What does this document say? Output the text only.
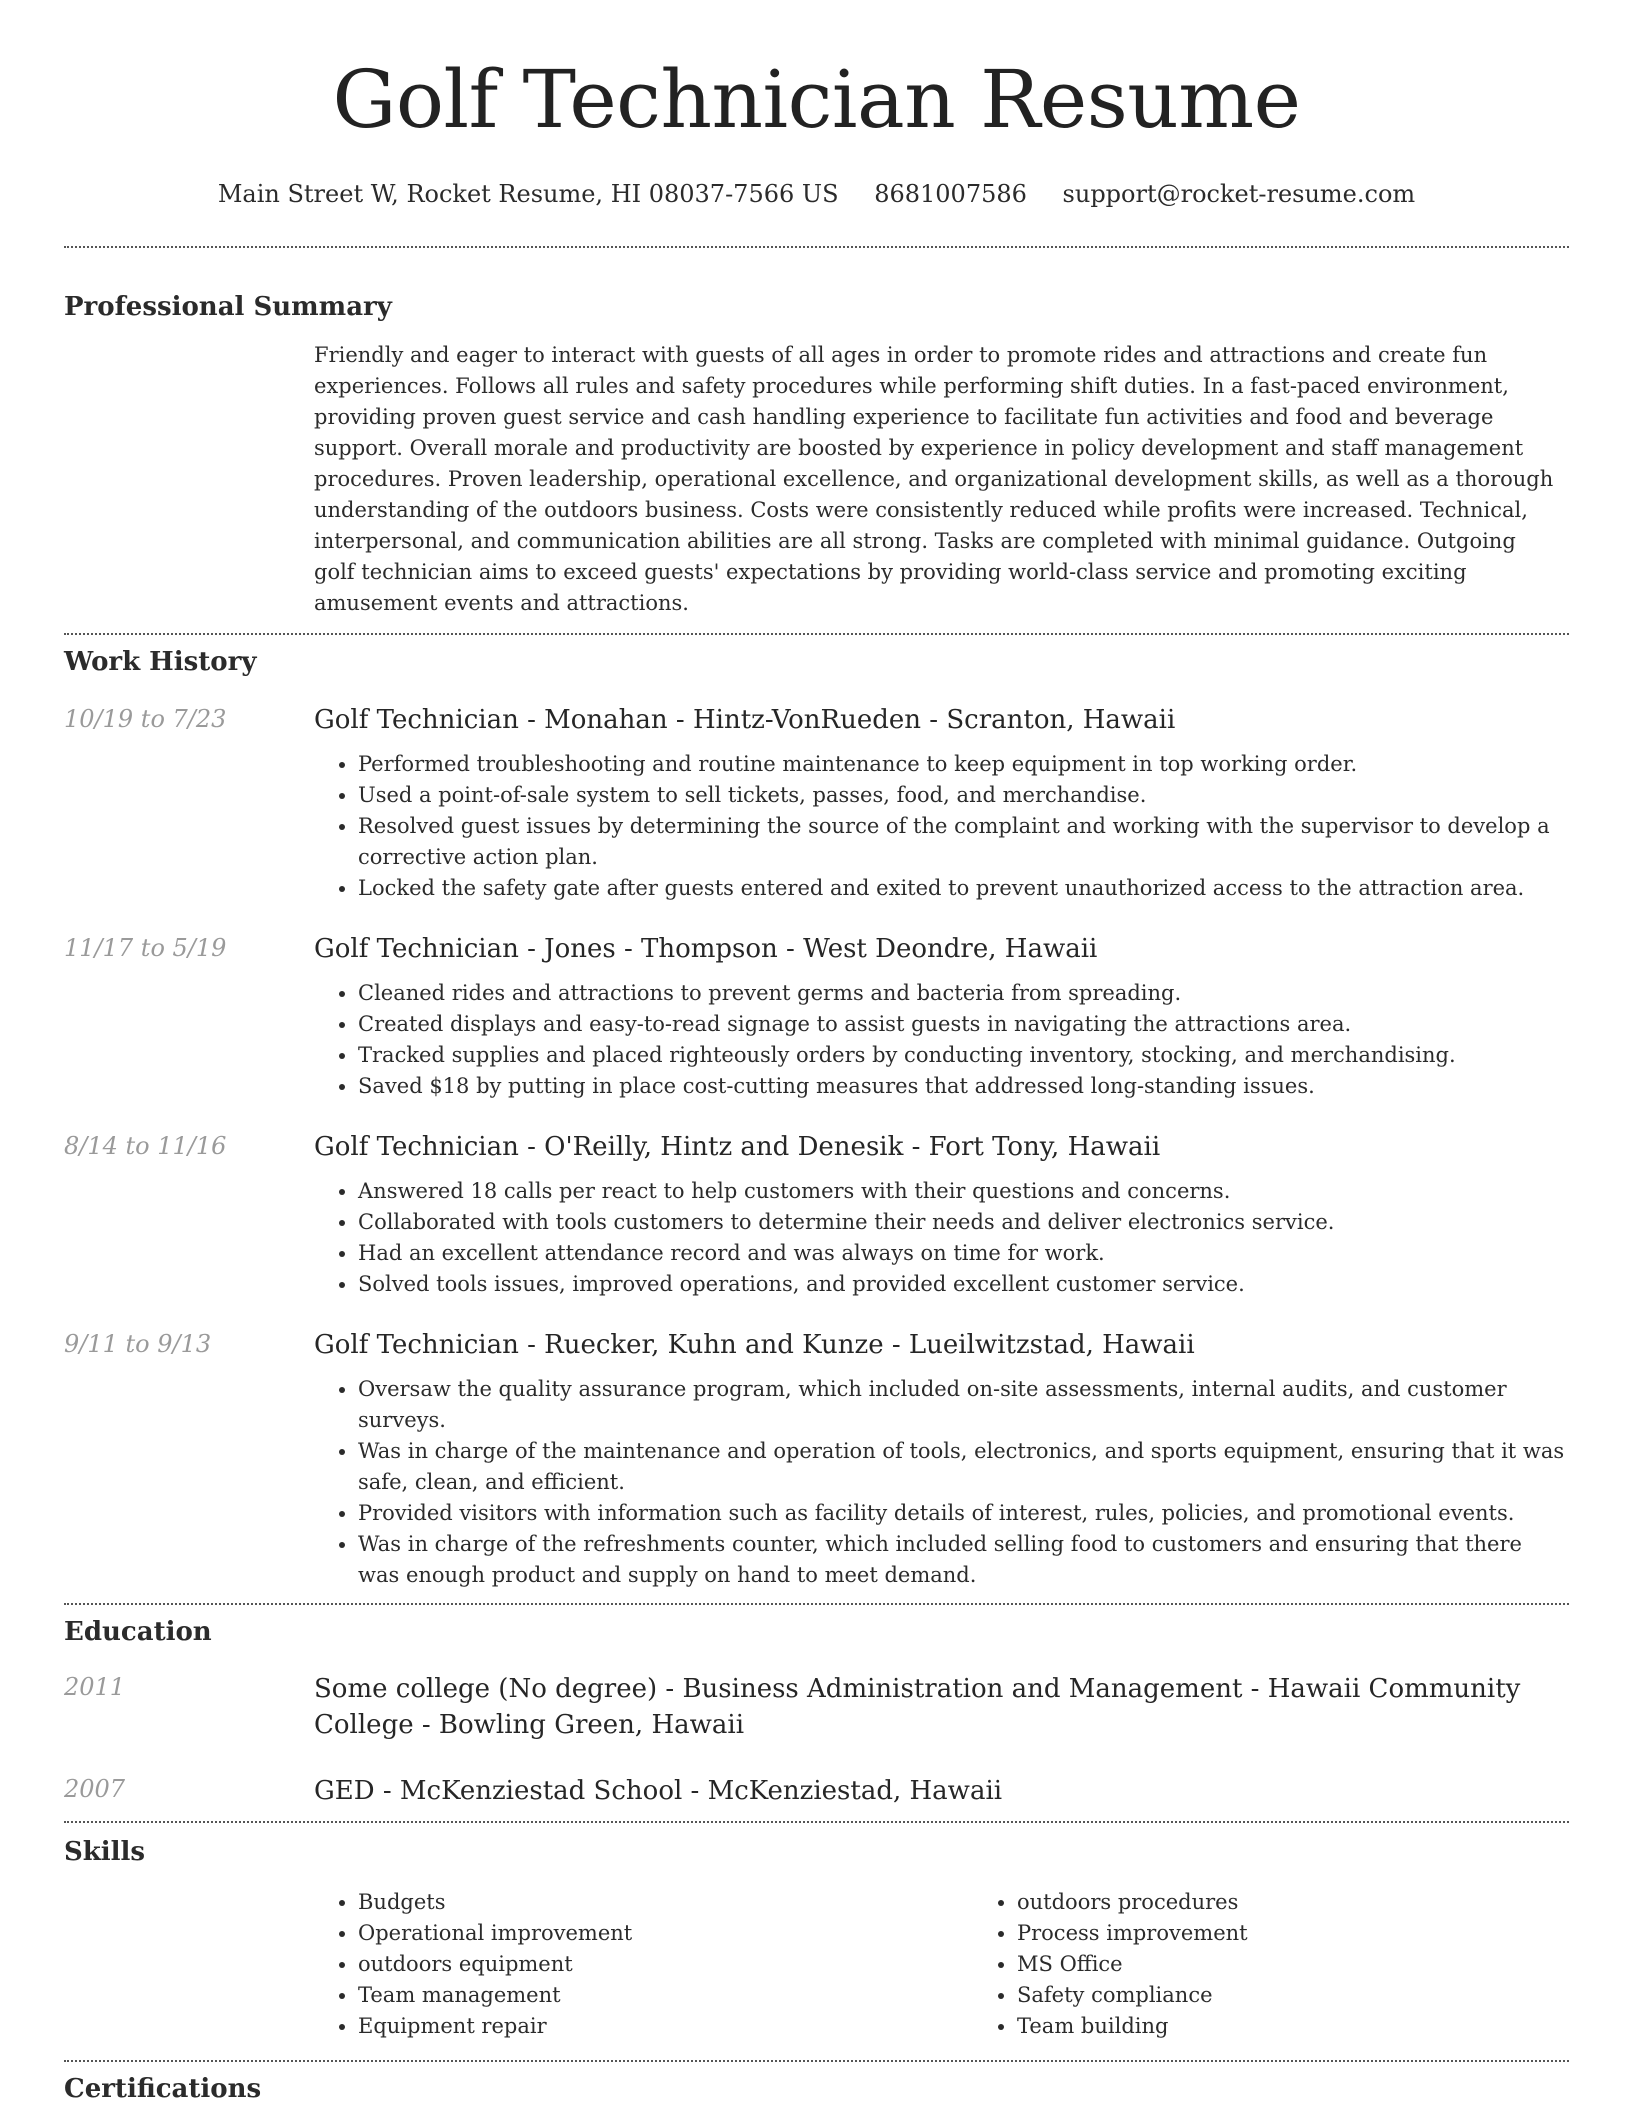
Golf Technician Resume
Main Street W, Rocket Resume, HI 08037-7566 US 8681007586 support@rocket-resume.com
Professional Summary

Friendly and eager to interact with guests of all ages in order to promote rides and attractions and create fun experiences. Follows all rules and safety procedures while performing shift duties. In a fast-paced environment, providing proven guest service and cash handling experience to facilitate fun activities and food and beverage support. Overall morale and productivity are boosted by experience in policy development and staff management procedures. Proven leadership, operational excellence, and organizational development skills, as well as a thorough understanding of the outdoors business. Costs were consistently reduced while profits were increased. Technical, interpersonal, and communication abilities are all strong. Tasks are completed with minimal guidance. Outgoing golf technician aims to exceed guests' expectations by providing world-class service and promoting exciting amusement events and attractions.

Work History
10/19 to 7/23	Golf Technician - Monahan - Hintz-VonRueden - Scranton, Hawaii
• Performed troubleshooting and routine maintenance to keep equipment in top working order.
• Used a point-of-sale system to sell tickets, passes, food, and merchandise.
• Resolved guest issues by determining the source of the complaint and working with the supervisor to develop a corrective action plan.
• Locked the safety gate after guests entered and exited to prevent unauthorized access to the attraction area.
11/17 to 5/19	Golf Technician - Jones - Thompson - West Deondre, Hawaii
• Cleaned rides and attractions to prevent germs and bacteria from spreading.
• Created displays and easy-to-read signage to assist guests in navigating the attractions area.
• Tracked supplies and placed righteously orders by conducting inventory, stocking, and merchandising.
• Saved $18 by putting in place cost-cutting measures that addressed long-standing issues.
8/14 to 11/16	Golf Technician - O'Reilly, Hintz and Denesik - Fort Tony, Hawaii
• Answered 18 calls per react to help customers with their questions and concerns.
• Collaborated with tools customers to determine their needs and deliver electronics service.
• Had an excellent attendance record and was always on time for work.
• Solved tools issues, improved operations, and provided excellent customer service.
9/11 to 9/13	Golf Technician - Ruecker, Kuhn and Kunze - Lueilwitzstad, Hawaii
• Oversaw the quality assurance program, which included on-site assessments, internal audits, and customer surveys.
• Was in charge of the maintenance and operation of tools, electronics, and sports equipment, ensuring that it was safe, clean, and efficient.
• Provided visitors with information such as facility details of interest, rules, policies, and promotional events.
• Was in charge of the refreshments counter, which included selling food to customers and ensuring that there was enough product and supply on hand to meet demand.
Education
2011	Some college (No degree) - Business Administration and Management - Hawaii Community College - Bowling Green, Hawaii
2007	GED - McKenziestad School - McKenziestad, Hawaii
Skills
• Budgets
• Operational improvement
• outdoors equipment
• Team management
• Equipment repair
• outdoors procedures
• Process improvement
• MS Office
• Safety compliance
• Team building
Certifications
